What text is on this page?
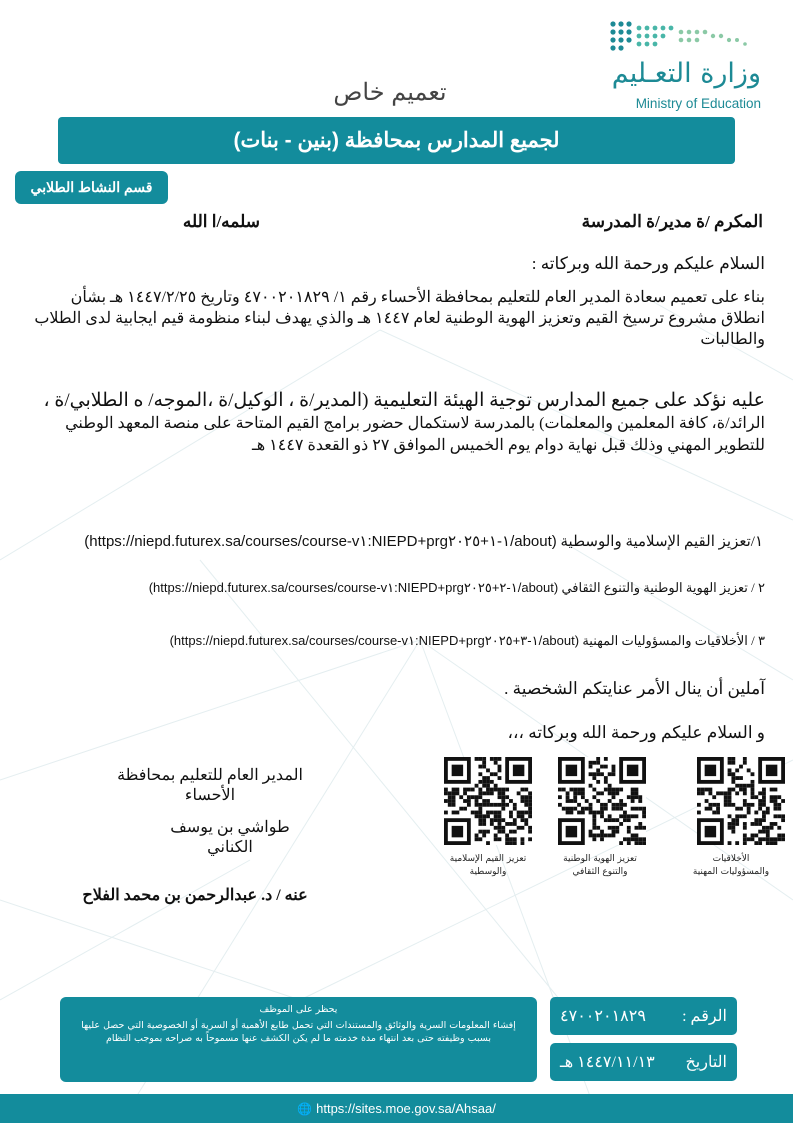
وزارة التعـليم
Ministry of Education
تعميم خاص
لجميع المدارس بمحافظة (بنين - بنات)
قسم النشاط الطلابي
المكرم /ة مدير/ة المدرسة
سلمه/ا الله
السلام عليكم ورحمة الله وبركاته :
بناء على تعميم سعادة المدير العام للتعليم بمحافظة الأحساء رقم ١/ ٤٧٠٠٢٠١٨٢٩ وتاريخ ١٤٤٧/٢/٢٥ هـ بشأن انطلاق مشروع ترسيخ القيم وتعزيز الهوية الوطنية لعام ١٤٤٧ هـ والذي يهدف لبناء منظومة قيم ايجابية لدى الطلاب والطالبات
عليه نؤكد على جميع المدارس توجية الهيئة التعليمية (المدير/ة ، الوكيل/ة ،الموجه/ ه الطلابي/ة ، الرائد/ة، كافة المعلمين والمعلمات) بالمدرسة لاستكمال حضور برامج القيم المتاحة على منصة المعهد الوطني للتطوير المهني وذلك قبل نهاية دوام يوم الخميس الموافق ٢٧ ذو القعدة ١٤٤٧ هـ
١/تعزيز القيم الإسلامية والوسطية (https://niepd.futurex.sa/courses/course-v١:NIEPD+prg١-١+٢٠٢٥/about)
٢ / تعزيز الهوية الوطنية والتنوع الثقافي (https://niepd.futurex.sa/courses/course-v١:NIEPD+prg١-٢+٢٠٢٥/about)
٣ / الأخلاقيات والمسؤوليات المهنية (https://niepd.futurex.sa/courses/course-v١:NIEPD+prg١-٣+٢٠٢٥/about)
آملين أن ينال الأمر عنايتكم الشخصية .
و السلام عليكم ورحمة الله وبركاته ،،،
المدير العام للتعليم بمحافظة الأحساء
طواشي بن يوسف الكناني
عنه / د. عبدالرحمن بن محمد الفلاح
الأخلاقيات
والمسؤوليات المهنية
تعزيز الهوية الوطنية
والتنوع الثقافي
تعزيز القيم الإسلامية
والوسطية
يحظر على الموظف
إفشاء المعلومات السرية والوثائق والمستندات التي تحمل طابع الأهمية أو السرية أو الخصوصية التي حصل عليها بسبب وظيفته حتى بعد انتهاء مدة خدمته ما لم يكن الكشف عنها مسموحاً به صراحه بموجب النظام
الرقم :
٤٧٠٠٢٠١٨٢٩
التاريخ
١٤٤٧/١١/١٣ هـ
🌐 https://sites.moe.gov.sa/Ahsaa/
